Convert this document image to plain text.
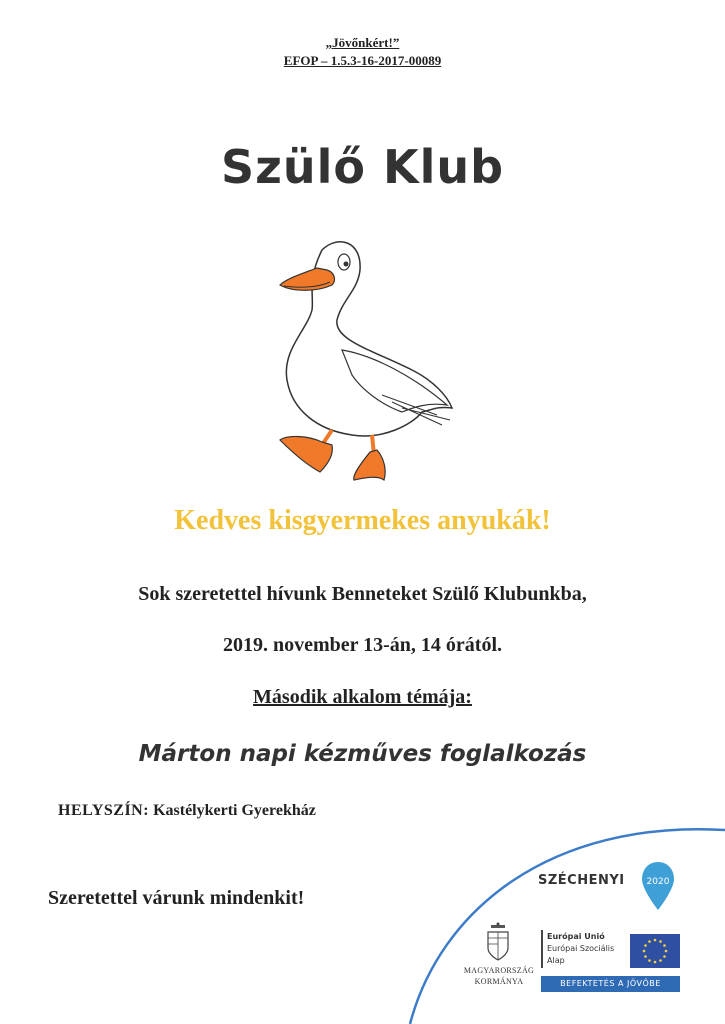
„Jövőnkért!”
EFOP – 1.5.3-16-2017-00089
Szülő Klub
Kedves kisgyermekes anyukák!
Sok szeretettel hívunk Benneteket Szülő Klubunkba,
2019. november 13-án, 14 órától.
Második alkalom témája:
Márton napi kézműves foglalkozás
HELYSZÍN: Kastélykerti Gyerekház
Szeretettel várunk mindenkit!
SZÉCHENYI	2020
MAGYARORSZÁG
KORMÁNYA
Európai Unió
Európai Szociális
Alap
BEFEKTETÉS A JÖVŐBE
